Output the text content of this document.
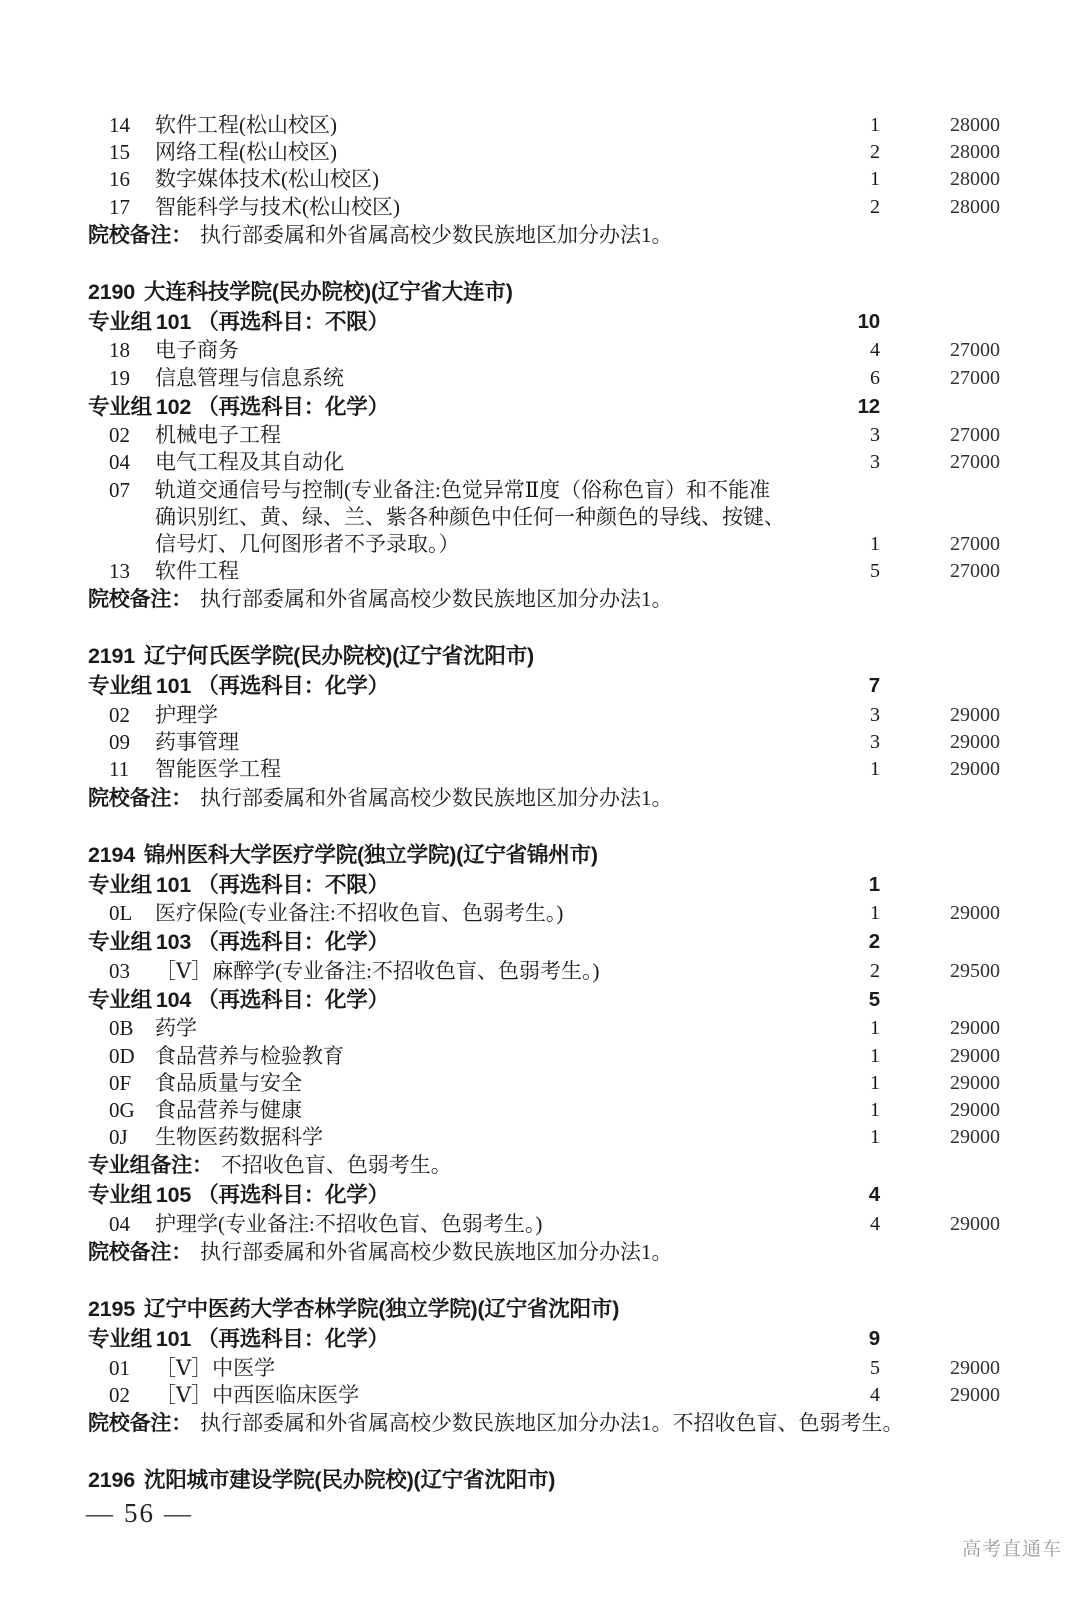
14	软件工程(松山校区)	1	28000
15	网络工程(松山校区)	2	28000
16	数字媒体技术(松山校区)	1	28000
17	智能科学与技术(松山校区)	2	28000
院校备注： 执行部委属和外省属高校少数民族地区加分办法1。
2190 大连科技学院(民办院校)(辽宁省大连市)
专业组 101 （再选科目：不限）	10
18	电子商务	4	27000
19	信息管理与信息系统	6	27000
专业组 102 （再选科目：化学）	12
02	机械电子工程	3	27000
04	电气工程及其自动化	3	27000
07	轨道交通信号与控制(专业备注:色觉异常Ⅱ度（俗称色盲）和不能准确识别红、黄、绿、兰、紫各种颜色中任何一种颜色的导线、按键、信号灯、几何图形者不予录取。）	1	27000
13	软件工程	5	27000
院校备注： 执行部委属和外省属高校少数民族地区加分办法1。
2191 辽宁何氏医学院(民办院校)(辽宁省沈阳市)
专业组 101 （再选科目：化学）	7
02	护理学	3	29000
09	药事管理	3	29000
11	智能医学工程	1	29000
院校备注： 执行部委属和外省属高校少数民族地区加分办法1。
2194 锦州医科大学医疗学院(独立学院)(辽宁省锦州市)
专业组 101 （再选科目：不限）	1
0L	医疗保险(专业备注:不招收色盲、色弱考生。)	1	29000
专业组 103 （再选科目：化学）	2
03	［Ⅴ］麻醉学(专业备注:不招收色盲、色弱考生。)	2	29500
专业组 104 （再选科目：化学）	5
0B	药学	1	29000
0D 食品营养与检验教育	1	29000
0F	食品质量与安全	1	29000
0G 食品营养与健康	1	29000
0J	生物医药数据科学	1	29000
专业组备注： 不招收色盲、色弱考生。
专业组 105 （再选科目：化学）	4
04	护理学(专业备注:不招收色盲、色弱考生。)	4	29000
院校备注： 执行部委属和外省属高校少数民族地区加分办法1。
2195 辽宁中医药大学杏林学院(独立学院)(辽宁省沈阳市)
专业组 101 （再选科目：化学）	9
01	［Ⅴ］中医学	5	29000
02	［Ⅴ］中西医临床医学	4	29000
院校备注： 执行部委属和外省属高校少数民族地区加分办法1。不招收色盲、色弱考生。
2196 沈阳城市建设学院(民办院校)(辽宁省沈阳市)
— 56 —
高考直通车
